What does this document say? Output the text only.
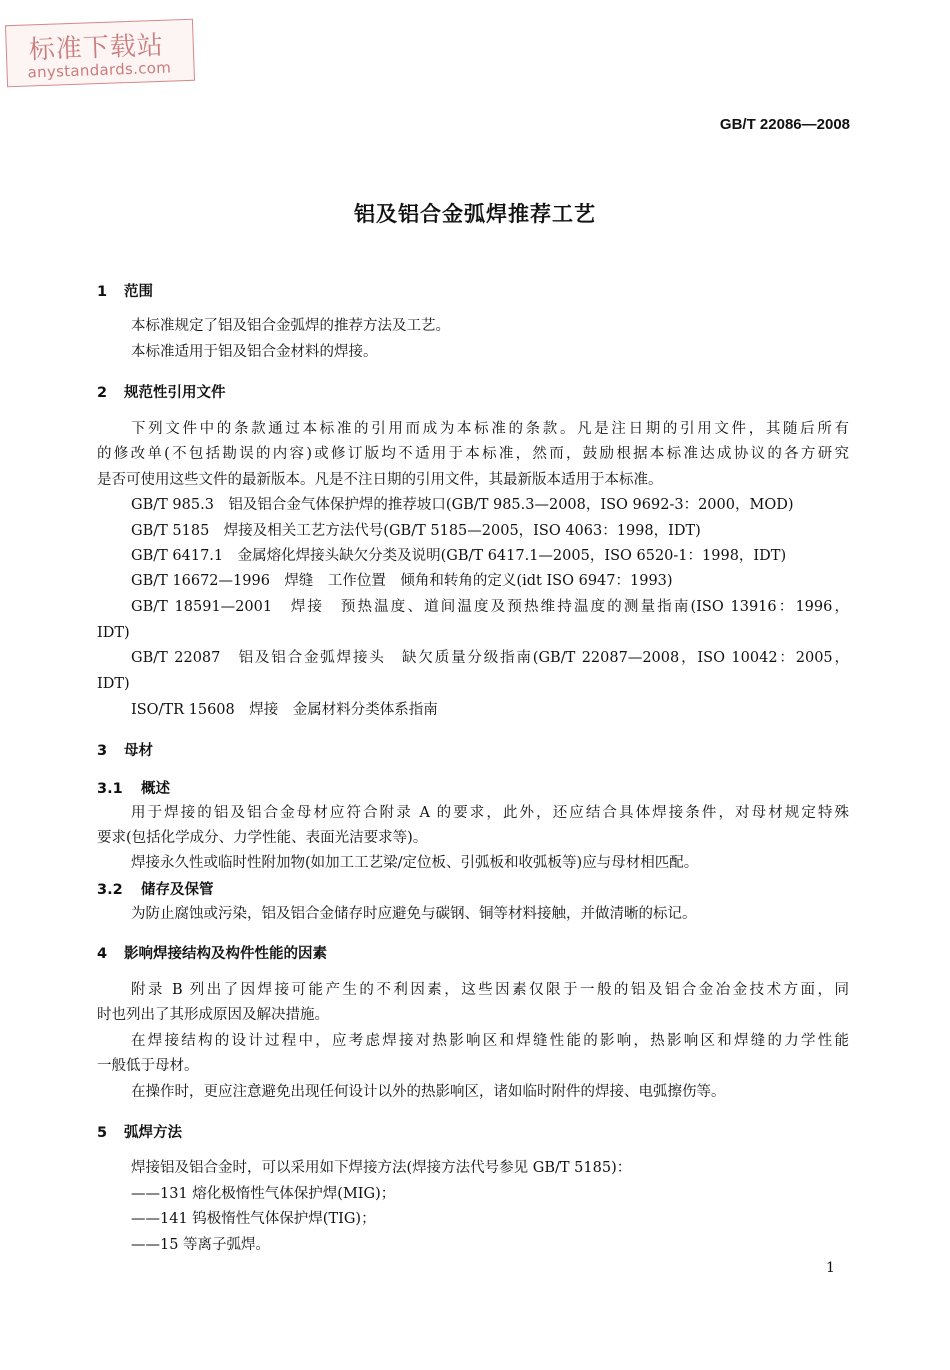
标准下载站
anystandards.com
GB/T 22086—2008
铝及铝合金弧焊推荐工艺
1 范围
本标准规定了铝及铝合金弧焊的推荐方法及工艺。
本标准适用于铝及铝合金材料的焊接。
2 规范性引用文件
下列文件中的条款通过本标准的引用而成为本标准的条款。凡是注日期的引用文件，其随后所有
的修改单(不包括勘误的内容)或修订版均不适用于本标准，然而，鼓励根据本标准达成协议的各方研究
是否可使用这些文件的最新版本。凡是不注日期的引用文件，其最新版本适用于本标准。
GB/T 985.3　铝及铝合金气体保护焊的推荐坡口(GB/T 985.3—2008，ISO 9692-3：2000，MOD)
GB/T 5185　焊接及相关工艺方法代号(GB/T 5185—2005，ISO 4063：1998，IDT)
GB/T 6417.1　金属熔化焊接头缺欠分类及说明(GB/T 6417.1—2005，ISO 6520-1：1998，IDT)
GB/T 16672—1996　焊缝　工作位置　倾角和转角的定义(idt ISO 6947：1993)
GB/T 18591—2001　焊接　预热温度、道间温度及预热维持温度的测量指南(ISO 13916：1996，
IDT)
GB/T 22087　铝及铝合金弧焊接头　缺欠质量分级指南(GB/T 22087—2008，ISO 10042：2005，
IDT)
ISO/TR 15608　焊接　金属材料分类体系指南
3 母材
3.1 概述
用于焊接的铝及铝合金母材应符合附录 A 的要求，此外，还应结合具体焊接条件，对母材规定特殊
要求(包括化学成分、力学性能、表面光洁要求等)。
焊接永久性或临时性附加物(如加工工艺梁/定位板、引弧板和收弧板等)应与母材相匹配。
3.2 储存及保管
为防止腐蚀或污染，铝及铝合金储存时应避免与碳钢、铜等材料接触，并做清晰的标记。
4 影响焊接结构及构件性能的因素
附录 B 列出了因焊接可能产生的不利因素，这些因素仅限于一般的铝及铝合金冶金技术方面，同
时也列出了其形成原因及解决措施。
在焊接结构的设计过程中，应考虑焊接对热影响区和焊缝性能的影响，热影响区和焊缝的力学性能
一般低于母材。
在操作时，更应注意避免出现任何设计以外的热影响区，诸如临时附件的焊接、电弧擦伤等。
5 弧焊方法
焊接铝及铝合金时，可以采用如下焊接方法(焊接方法代号参见 GB/T 5185)：
——131 熔化极惰性气体保护焊(MIG)；
——141 钨极惰性气体保护焊(TIG)；
——15 等离子弧焊。
1
